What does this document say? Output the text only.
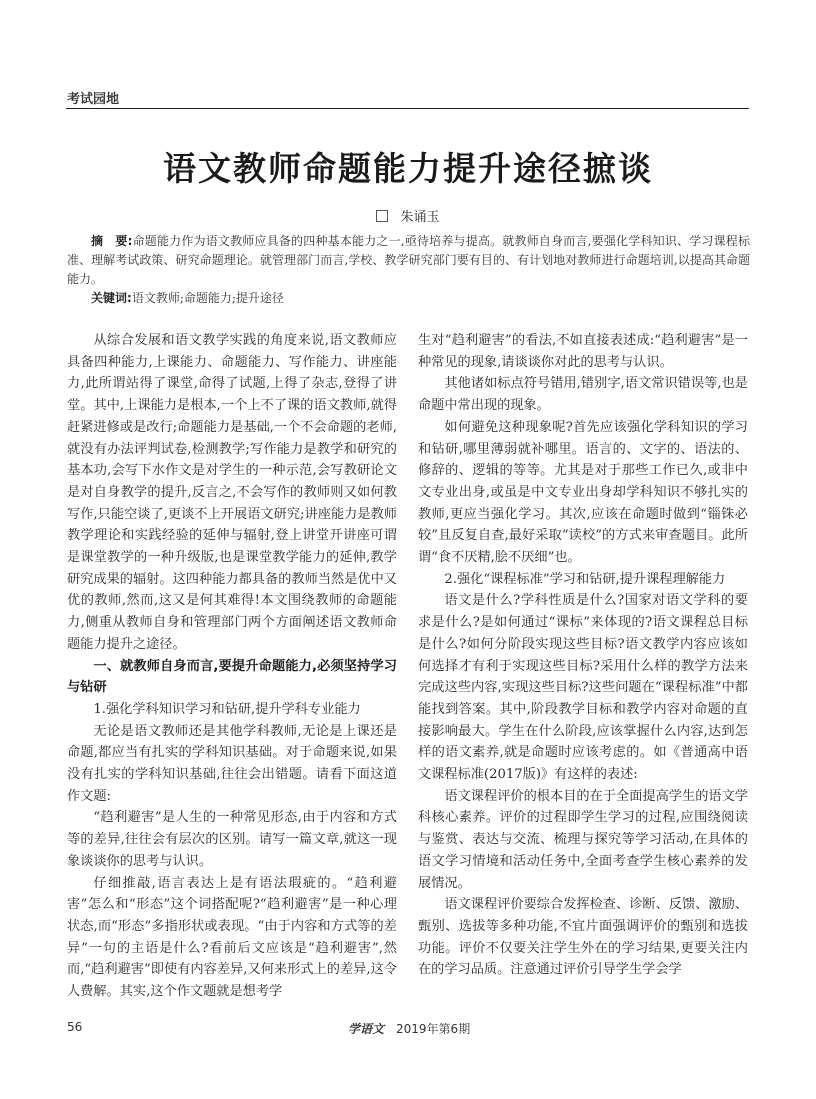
考试园地
语文教师命题能力提升途径摭谈
朱诵玉

摘　要:命题能力作为语文教师应具备的四种基本能力之一,亟待培养与提高。就教师自身而言,要强化学科知识、学习课程标准、理解考试政策、研究命题理论。就管理部门而言,学校、教学研究部门要有目的、有计划地对教师进行命题培训,以提高其命题能力。

关键词:语文教师;命题能力;提升途径

从综合发展和语文教学实践的角度来说,语文教师应具备四种能力,上课能力、命题能力、写作能力、讲座能力,此所谓站得了课堂,命得了试题,上得了杂志,登得了讲堂。其中,上课能力是根本,一个上不了课的语文教师,就得赶紧进修或是改行;命题能力是基础,一个不会命题的老师,就没有办法评判试卷,检测教学;写作能力是教学和研究的基本功,会写下水作文是对学生的一种示范,会写教研论文是对自身教学的提升,反言之,不会写作的教师则又如何教写作,只能空谈了,更谈不上开展语文研究;讲座能力是教师教学理论和实践经验的延伸与辐射,登上讲堂开讲座可谓是课堂教学的一种升级版,也是课堂教学能力的延伸,教学研究成果的辐射。这四种能力都具备的教师当然是优中又优的教师,然而,这又是何其难得!本文围绕教师的命题能力,侧重从教师自身和管理部门两个方面阐述语文教师命题能力提升之途径。

一、就教师自身而言,要提升命题能力,必须坚持学习与钻研

1.强化学科知识学习和钻研,提升学科专业能力

无论是语文教师还是其他学科教师,无论是上课还是命题,都应当有扎实的学科知识基础。对于命题来说,如果没有扎实的学科知识基础,往往会出错题。请看下面这道作文题:

“趋利避害”是人生的一种常见形态,由于内容和方式等的差异,往往会有层次的区别。请写一篇文章,就这一现象谈谈你的思考与认识。

仔细推敲,语言表达上是有语法瑕疵的。“趋利避害”怎么和“形态”这个词搭配呢?“趋利避害”是一种心理状态,而“形态”多指形状或表现。“由于内容和方式等的差异”一句的主语是什么?看前后文应该是“趋利避害”,然而,“趋利避害”即使有内容差异,又何来形式上的差异,这令人费解。其实,这个作文题就是想考学

生对“趋利避害”的看法,不如直接表述成:“趋利避害”是一种常见的现象,请谈谈你对此的思考与认识。

其他诸如标点符号错用,错别字,语文常识错误等,也是命题中常出现的现象。

如何避免这种现象呢?首先应该强化学科知识的学习和钻研,哪里薄弱就补哪里。语言的、文字的、语法的、修辞的、逻辑的等等。尤其是对于那些工作已久,或非中文专业出身,或虽是中文专业出身却学科知识不够扎实的教师,更应当强化学习。其次,应该在命题时做到“锱铢必较”且反复自查,最好采取“读校”的方式来审查题目。此所谓“食不厌精,脍不厌细”也。

2.强化“课程标准”学习和钻研,提升课程理解能力

语文是什么?学科性质是什么?国家对语文学科的要求是什么?是如何通过“课标”来体现的?语文课程总目标是什么?如何分阶段实现这些目标?语文教学内容应该如何选择才有利于实现这些目标?采用什么样的教学方法来完成这些内容,实现这些目标?这些问题在“课程标准”中都能找到答案。其中,阶段教学目标和教学内容对命题的直接影响最大。学生在什么阶段,应该掌握什么内容,达到怎样的语文素养,就是命题时应该考虑的。如《普通高中语文课程标准(2017版)》有这样的表述:

语文课程评价的根本目的在于全面提高学生的语文学科核心素养。评价的过程即学生学习的过程,应围绕阅读与鉴赏、表达与交流、梳理与探究等学习活动,在具体的语文学习情境和活动任务中,全面考查学生核心素养的发展情况。

语文课程评价要综合发挥检查、诊断、反馈、激励、甄别、选拔等多种功能,不宜片面强调评价的甄别和选拔功能。评价不仅要关注学生外在的学习结果,更要关注内在的学习品质。注意通过评价引导学生学会学

56	学语文 2019年第6期
